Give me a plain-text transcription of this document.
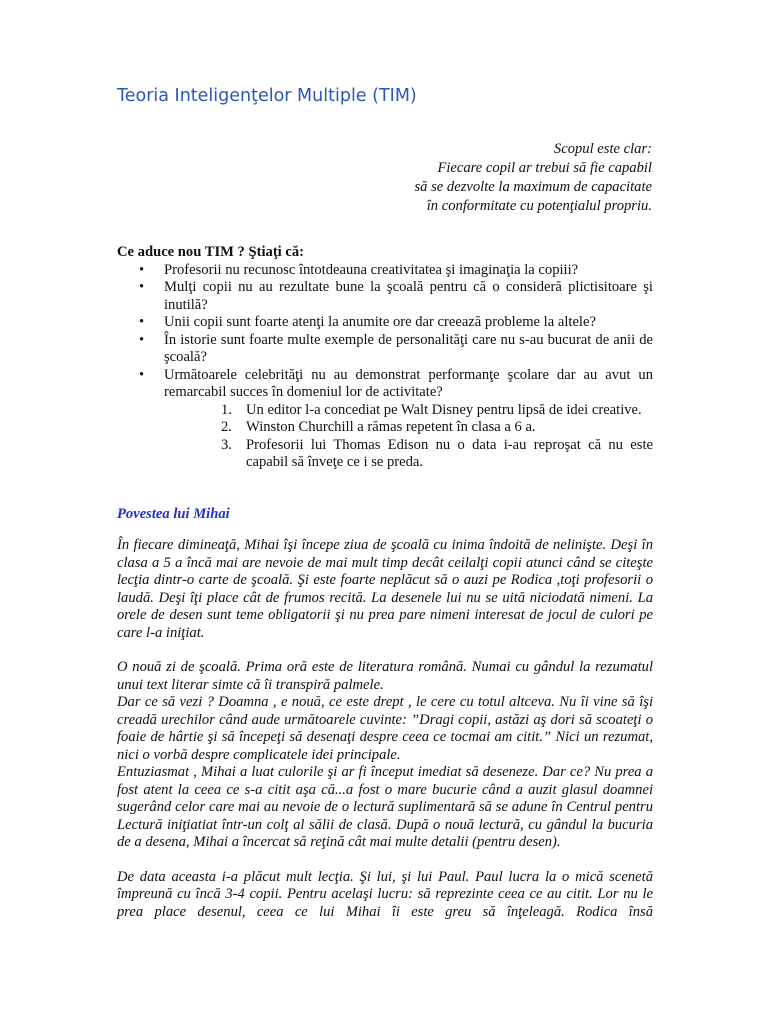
Teoria Inteligenţelor Multiple (TIM)
Scopul este clar:
Fiecare copil ar trebui să fie capabil
să se dezvolte la maximum de capacitate
în conformitate cu potenţialul propriu.
Ce aduce nou TIM ? Ştiaţi că:
• Profesorii nu recunosc întotdeauna creativitatea şi imaginaţia la copiii?
• Mulţi copii nu au rezultate bune la şcoală pentru că o consideră plictisitoare şi inutilă?
• Unii copii sunt foarte atenţi la anumite ore dar creează probleme la altele?
• În istorie sunt foarte multe exemple de personalităţi care nu s-au bucurat de anii de şcoală?
• Următoarele celebrităţi nu au demonstrat performanţe şcolare dar au avut un remarcabil succes în domeniul lor de activitate?
1. Un editor l-a concediat pe Walt Disney pentru lipsă de idei creative.
2. Winston Churchill a rămas repetent în clasa a 6 a.
3. Profesorii lui Thomas Edison nu o data i-au reproşat că nu este capabil să înveţe ce i se preda.
Povestea lui Mihai

În fiecare dimineaţă, Mihai îşi începe ziua de şcoală cu inima îndoită de nelinişte. Deşi în clasa a 5 a încă mai are nevoie de mai mult timp decât ceilalţi copii atunci când se citeşte lecţia dintr-o carte de şcoală. Şi este foarte neplăcut să o auzi pe Rodica ,toţi profesorii o laudă. Deşi îţi place cât de frumos recită. La desenele lui nu se uită niciodată nimeni. La orele de desen sunt teme obligatorii şi nu prea pare nimeni interesat de jocul de culori pe care l-a iniţiat.

O nouă zi de şcoală. Prima oră este de literatura română. Numai cu gândul la rezumatul unui text literar simte că îi transpiră palmele.

Dar ce să vezi ? Doamna , e nouă, ce este drept , le cere cu totul altceva. Nu îi vine să îşi creadă urechilor când aude următoarele cuvinte: ”Dragi copii, astăzi aş dori să scoateţi o foaie de hârtie şi să începeţi să desenaţi despre ceea ce tocmai am citit.” Nici un rezumat, nici o vorbă despre complicatele idei principale.

Entuziasmat , Mihai a luat culorile şi ar fi început imediat să deseneze. Dar ce? Nu prea a fost atent la ceea ce s-a citit aşa că...a fost o mare bucurie când a auzit glasul doamnei sugerând celor care mai au nevoie de o lectură suplimentară să se adune în Centrul pentru Lectură iniţiatiat într-un colţ al sălii de clasă. După o nouă lectură, cu gândul la bucuria de a desena, Mihai a încercat să reţină cât mai multe detalii (pentru desen).

De data aceasta i-a plăcut mult lecţia. Şi lui, şi lui Paul. Paul lucra la o mică scenetă împreună cu încă 3-4 copii. Pentru acelaşi lucru: să reprezinte ceea ce au citit. Lor nu le prea place desenul, ceea ce lui Mihai îi este greu să înţeleagă. Rodica însă
